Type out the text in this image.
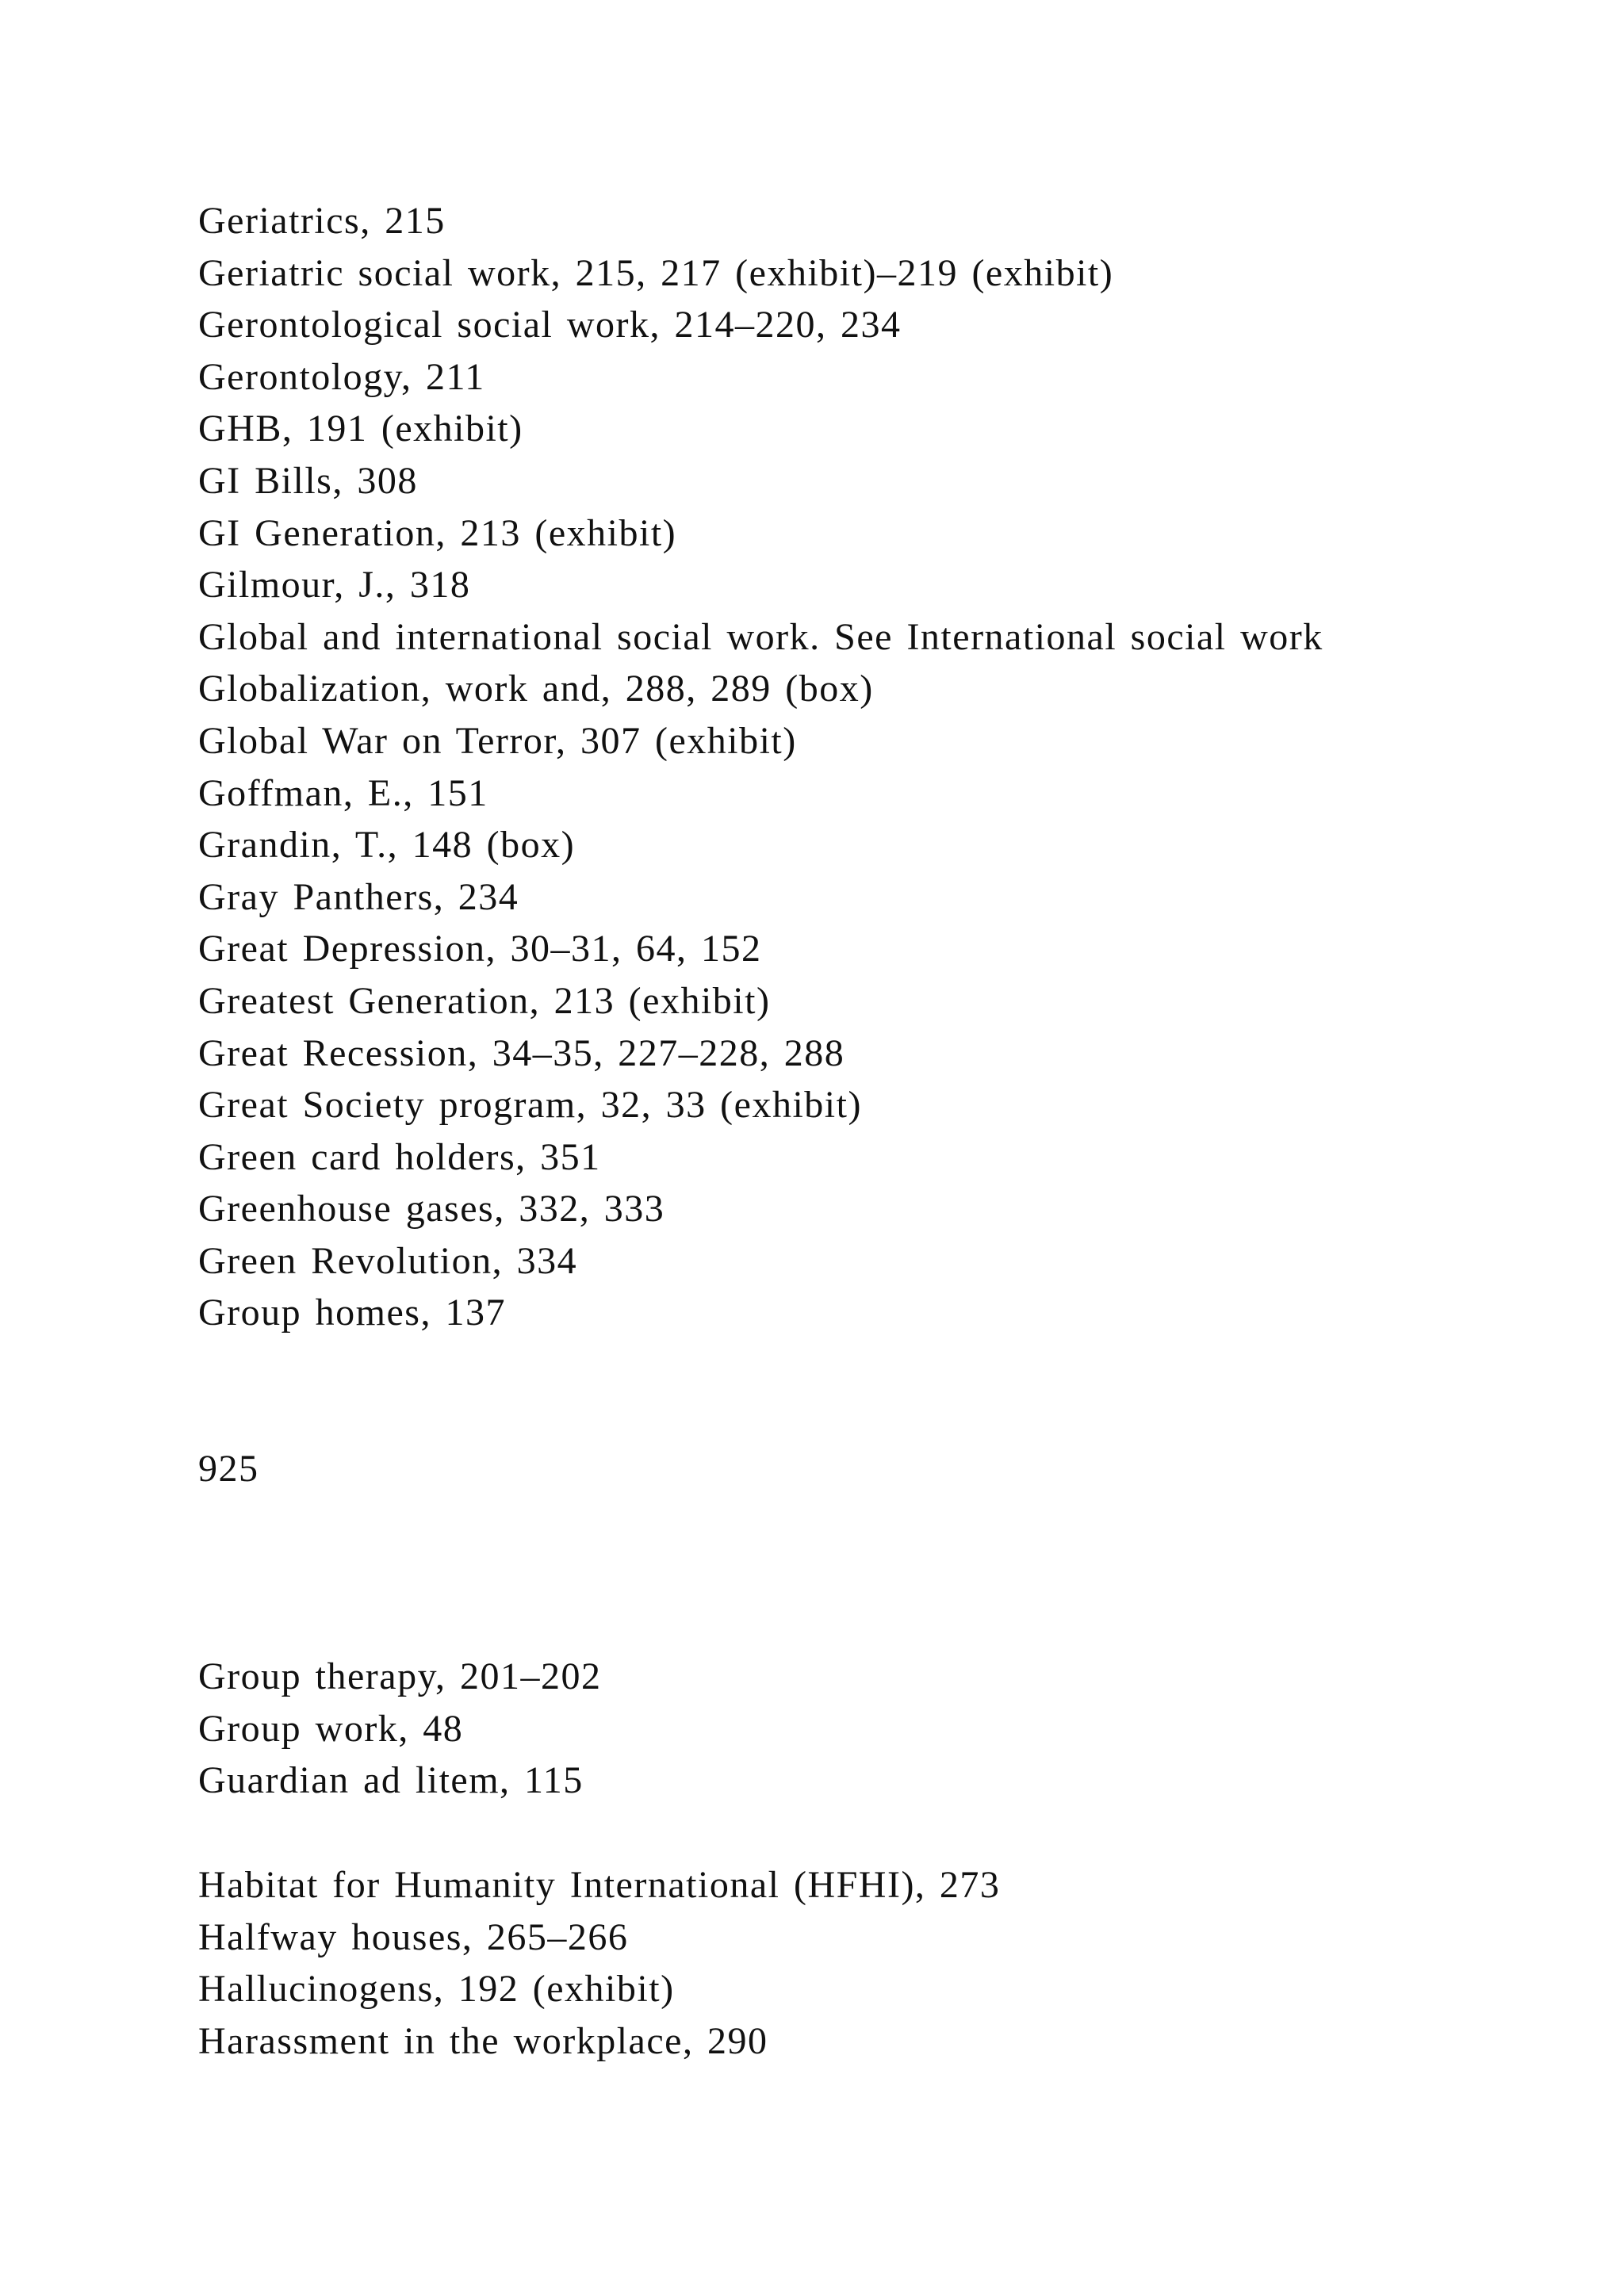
Geriatrics, 215
Geriatric social work, 215, 217 (exhibit)–219 (exhibit)
Gerontological social work, 214–220, 234
Gerontology, 211
GHB, 191 (exhibit)
GI Bills, 308
GI Generation, 213 (exhibit)
Gilmour, J., 318
Global and international social work. See International social work
Globalization, work and, 288, 289 (box)
Global War on Terror, 307 (exhibit)
Goffman, E., 151
Grandin, T., 148 (box)
Gray Panthers, 234
Great Depression, 30–31, 64, 152
Greatest Generation, 213 (exhibit)
Great Recession, 34–35, 227–228, 288
Great Society program, 32, 33 (exhibit)
Green card holders, 351
Greenhouse gases, 332, 333
Green Revolution, 334
Group homes, 137
925
Group therapy, 201–202
Group work, 48
Guardian ad litem, 115
Habitat for Humanity International (HFHI), 273
Halfway houses, 265–266
Hallucinogens, 192 (exhibit)
Harassment in the workplace, 290
